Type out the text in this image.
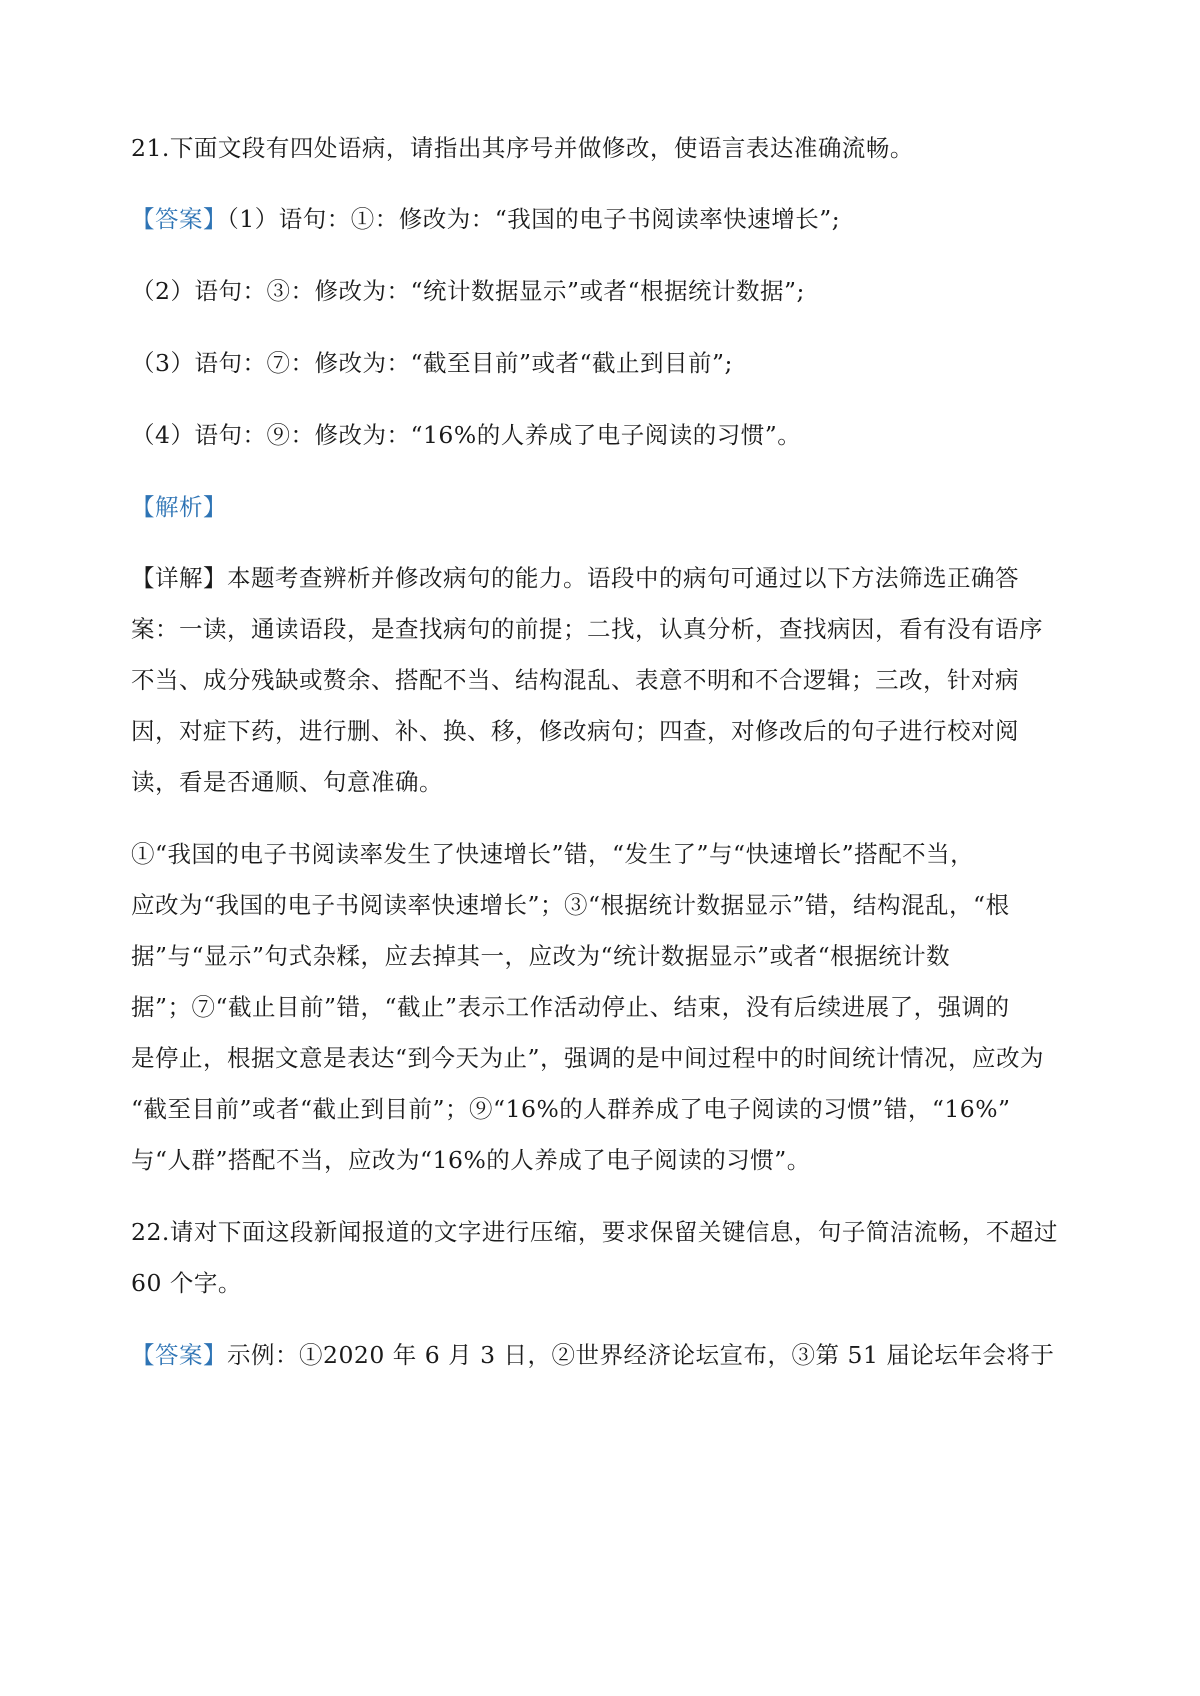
21.下面文段有四处语病，请指出其序号并做修改，使语言表达准确流畅。
【答案】（1）语句：①：修改为：“我国的电子书阅读率快速增长”;
（2）语句：③：修改为：“统计数据显示”或者“根据统计数据”;
（3）语句：⑦：修改为：“截至目前”或者“截止到目前”;
（4）语句：⑨：修改为：“16%的人养成了电子阅读的习惯”。
【解析】
【详解】本题考查辨析并修改病句的能力。语段中的病句可通过以下方法筛选正确答
案：一读，通读语段，是查找病句的前提；二找，认真分析，查找病因，看有没有语序
不当、成分残缺或赘余、搭配不当、结构混乱、表意不明和不合逻辑；三改，针对病
因，对症下药，进行删、补、换、移，修改病句；四查，对修改后的句子进行校对阅
读，看是否通顺、句意准确。
①“我国的电子书阅读率发生了快速增长”错，“发生了”与“快速增长”搭配不当，
应改为“我国的电子书阅读率快速增长”；③“根据统计数据显示”错，结构混乱，“根
据”与“显示”句式杂糅，应去掉其一，应改为“统计数据显示”或者“根据统计数
据”；⑦“截止目前”错，“截止”表示工作活动停止、结束，没有后续进展了，强调的
是停止，根据文意是表达“到今天为止”，强调的是中间过程中的时间统计情况，应改为
“截至目前”或者“截止到目前”；⑨“16%的人群养成了电子阅读的习惯”错，“16%”
与“人群”搭配不当，应改为“16%的人养成了电子阅读的习惯”。
22.请对下面这段新闻报道的文字进行压缩，要求保留关键信息，句子简洁流畅，不超过
60 个字。
【答案】示例：①2020 年 6 月 3 日，②世界经济论坛宣布，③第 51 届论坛年会将于
